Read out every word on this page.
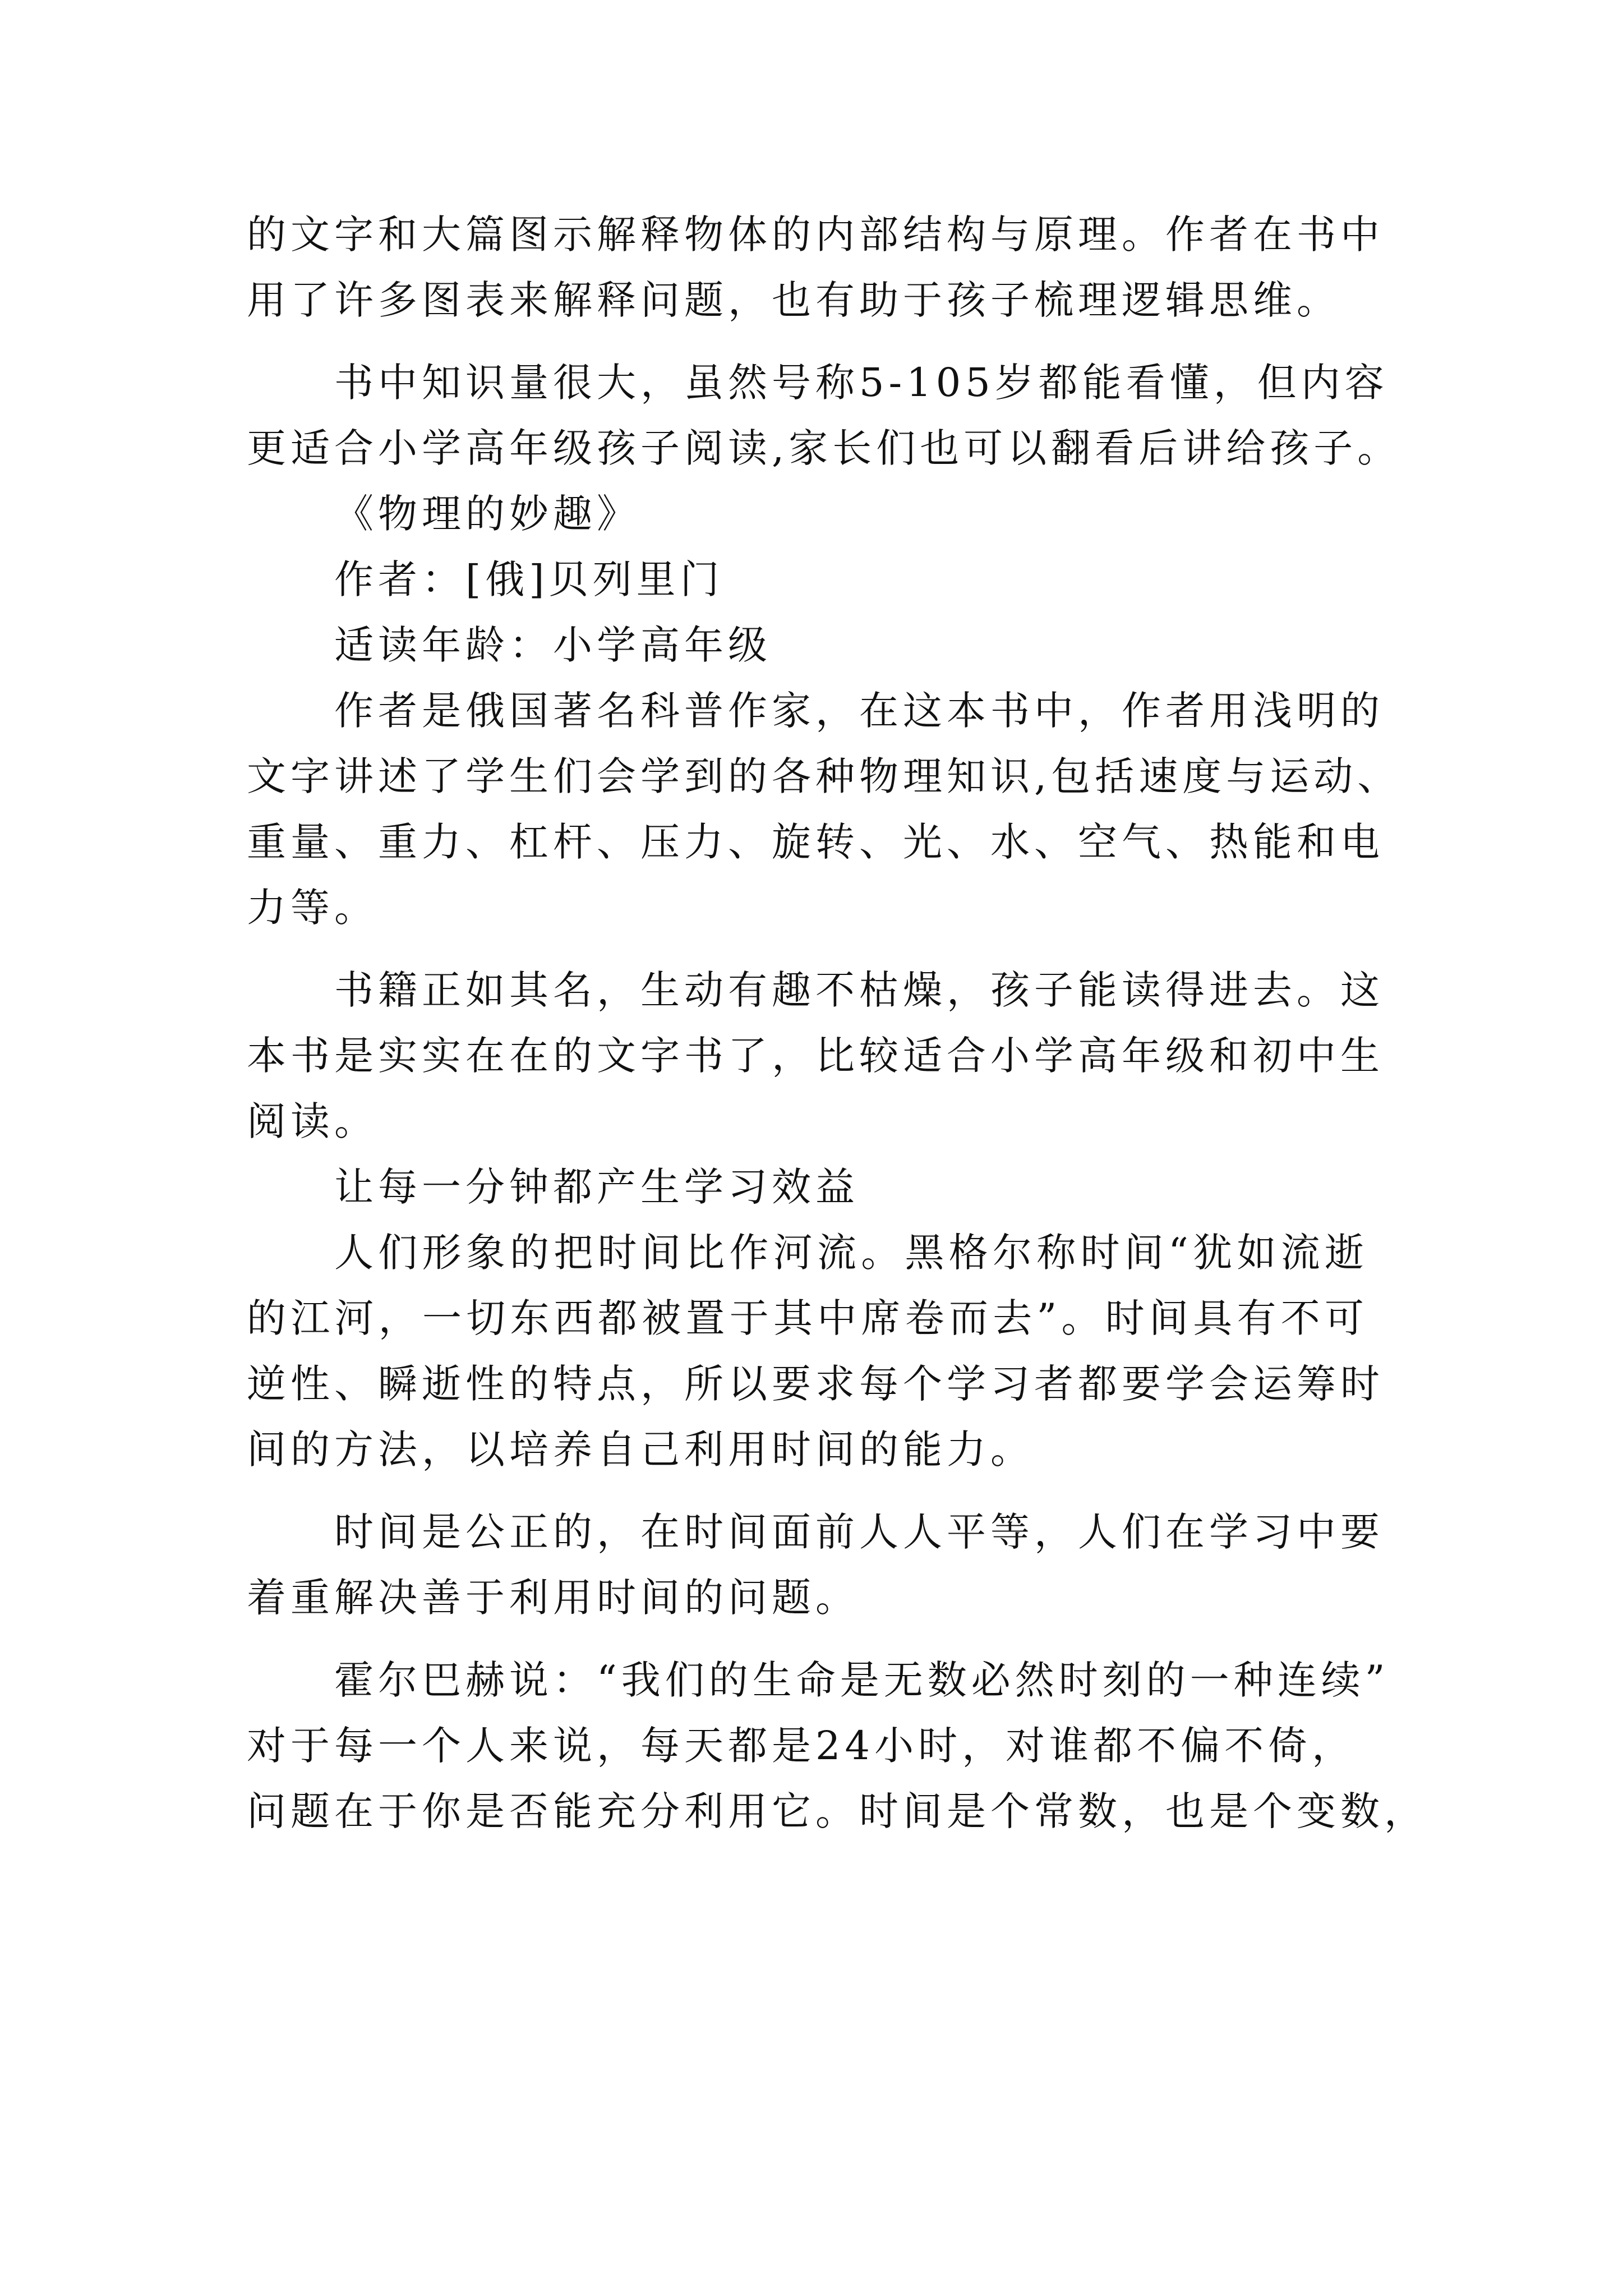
的文字和大篇图示解释物体的内部结构与原理。作者在书中
用了许多图表来解释问题，也有助于孩子梳理逻辑思维。
书中知识量很大，虽然号称5-105岁都能看懂，但内容
更适合小学高年级孩子阅读,家长们也可以翻看后讲给孩子。
《物理的妙趣》
作者：[俄]贝列里门
适读年龄：小学高年级
作者是俄国著名科普作家，在这本书中，作者用浅明的
文字讲述了学生们会学到的各种物理知识,包括速度与运动、
重量、重力、杠杆、压力、旋转、光、水、空气、热能和电
力等。
书籍正如其名，生动有趣不枯燥，孩子能读得进去。这
本书是实实在在的文字书了，比较适合小学高年级和初中生
阅读。
让每一分钟都产生学习效益
人们形象的把时间比作河流。黑格尔称时间“犹如流逝
的江河，一切东西都被置于其中席卷而去”。时间具有不可
逆性、瞬逝性的特点，所以要求每个学习者都要学会运筹时
间的方法，以培养自己利用时间的能力。
时间是公正的，在时间面前人人平等，人们在学习中要
着重解决善于利用时间的问题。
霍尔巴赫说：“我们的生命是无数必然时刻的一种连续”
对于每一个人来说，每天都是24小时，对谁都不偏不倚，
问题在于你是否能充分利用它。时间是个常数，也是个变数，
